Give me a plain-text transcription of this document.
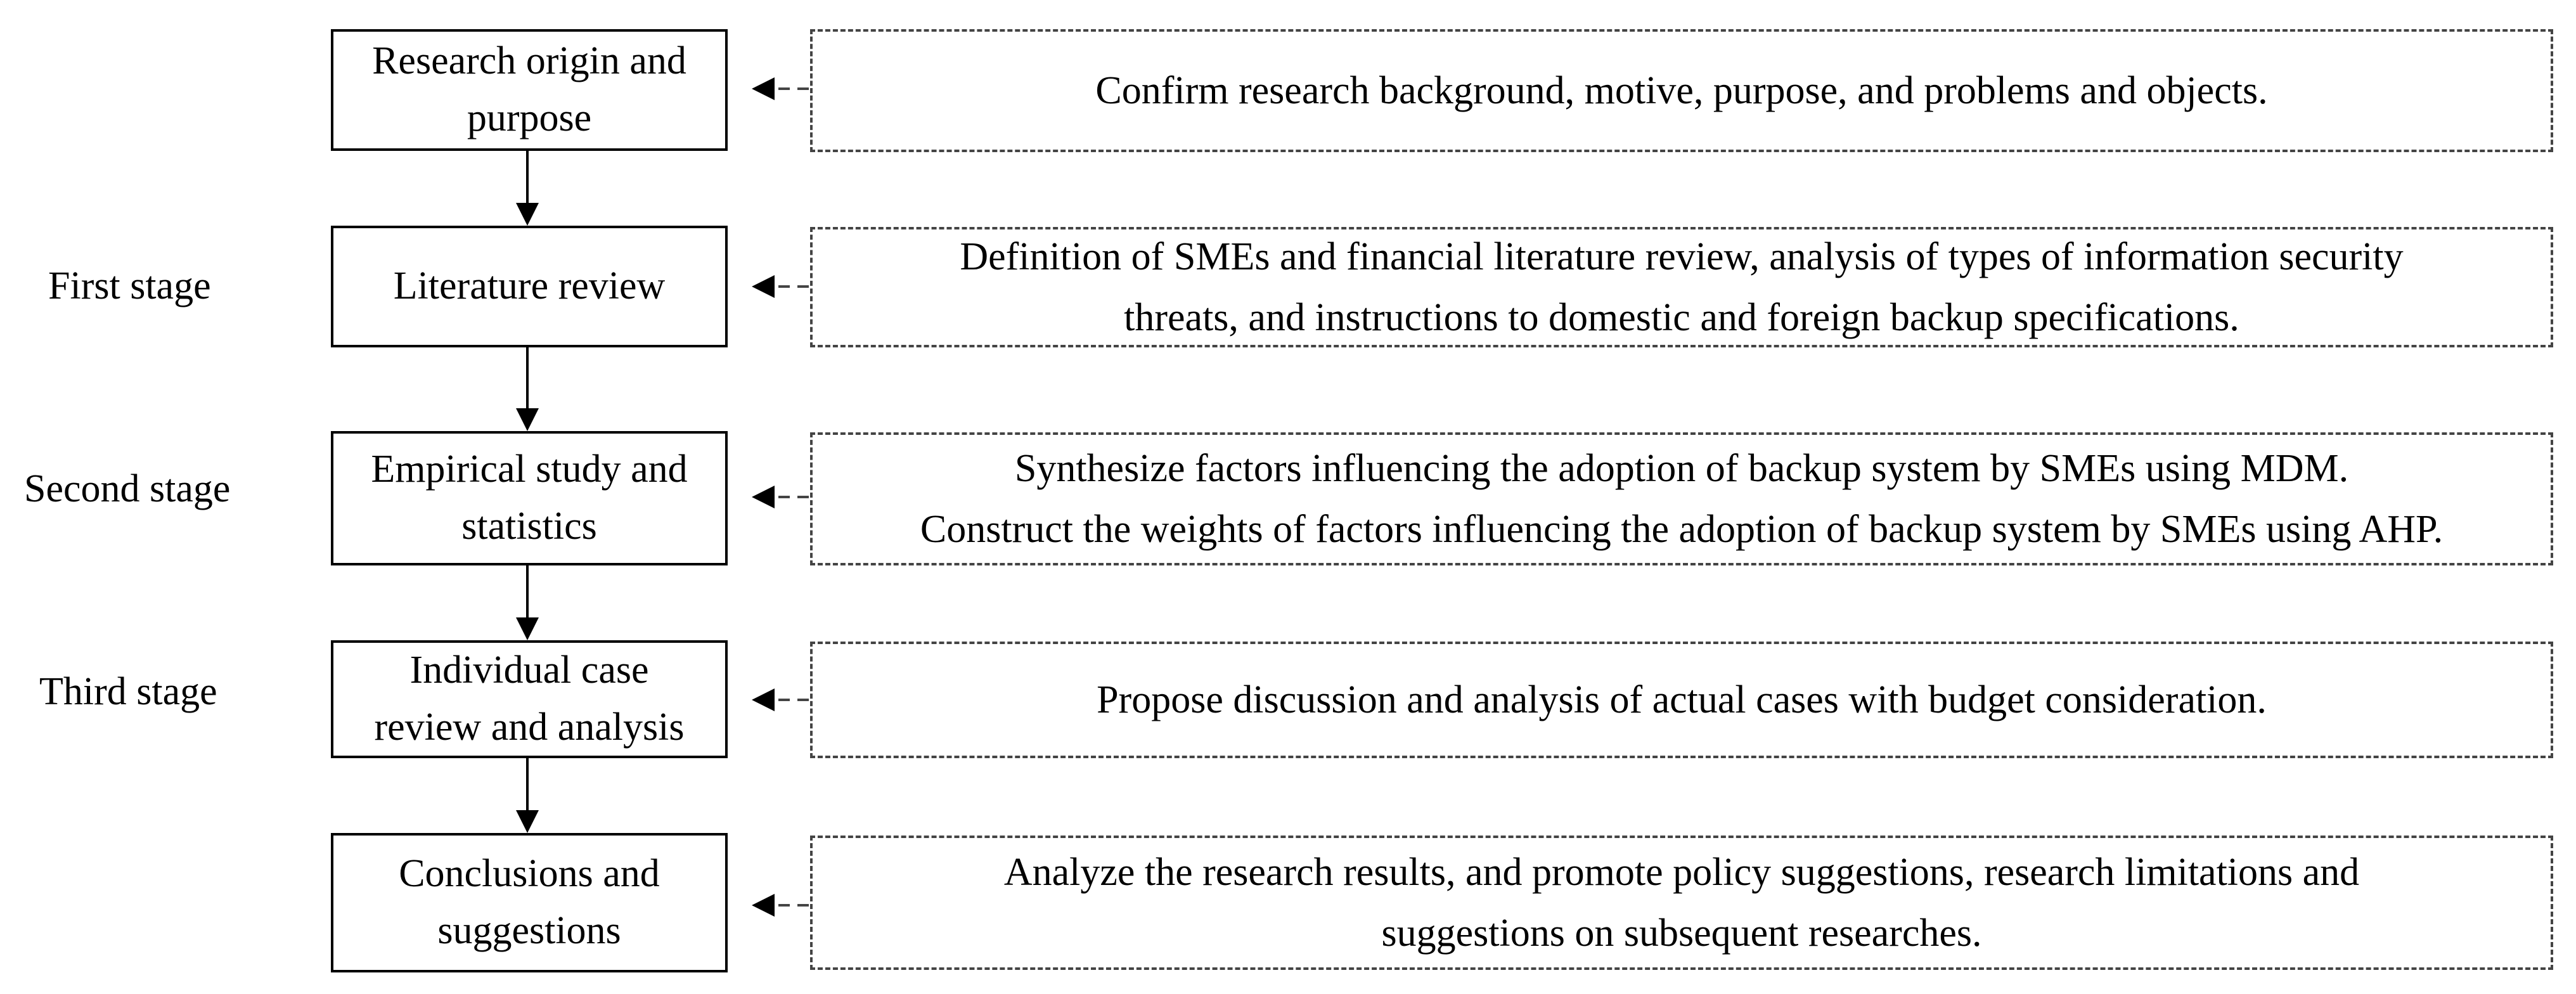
First stage
Second stage
Third stage
Research origin and
purpose
Literature review
Empirical study and
statistics
Individual case
review and analysis
Conclusions and
suggestions
Confirm research background, motive, purpose, and problems and objects.
Definition of SMEs and financial literature review, analysis of types of information security
threats, and instructions to domestic and foreign backup specifications.
Synthesize factors influencing the adoption of backup system by SMEs using MDM.
Construct the weights of factors influencing the adoption of backup system by SMEs using AHP.
Propose discussion and analysis of actual cases with budget consideration.
Analyze the research results, and promote policy suggestions, research limitations and
suggestions on subsequent researches.
